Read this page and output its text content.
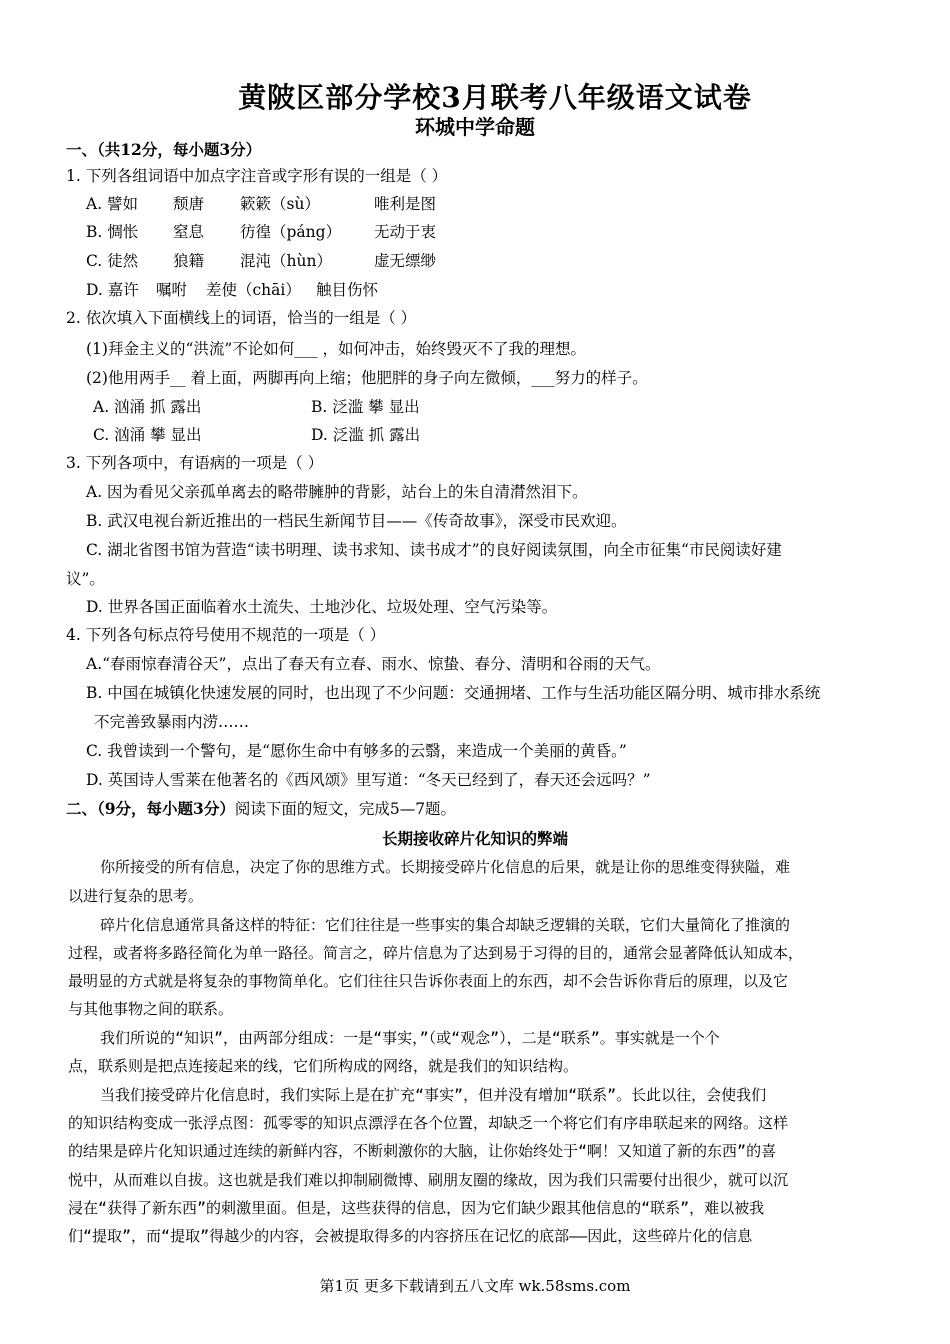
黄陂区部分学校3月联考八年级语文试卷
环城中学命题
一、（共12分，每小题3分）
1. 下列各组词语中加点字注音或字形有误的一组是（ ）
A. 譬如 颓唐 簌簌（sù）	唯利是图
B. 惆怅 窒息 彷徨（páng） 无动于衷
C. 徒然 狼籍 混沌（hùn）	虚无缥缈
D. 嘉许 嘱咐 差使（chāi） 触目伤怀
2. 依次填入下面横线上的词语，恰当的一组是（ ）
(1)拜金主义的“洪流”不论如何___ ，如何冲击，始终毁灭不了我的理想。
(2)他用两手__ 着上面，两脚再向上缩；他肥胖的身子向左微倾，___努力的样子。
A. 汹涌 抓 露出	B. 泛滥 攀 显出
C. 汹涌 攀 显出	D. 泛滥 抓 露出
3. 下列各项中，有语病的一项是（ ）
A. 因为看见父亲孤单离去的略带臃肿的背影，站台上的朱自清潸然泪下。
B. 武汉电视台新近推出的一档民生新闻节目——《传奇故事》，深受市民欢迎。
C. 湖北省图书馆为营造“读书明理、读书求知、读书成才”的良好阅读氛围，向全市征集“市民阅读好建
议”。
D. 世界各国正面临着水土流失、土地沙化、垃圾处理、空气污染等。
4. 下列各句标点符号使用不规范的一项是（ ）
A.“春雨惊春清谷天”，点出了春天有立春、雨水、惊蛰、春分、清明和谷雨的天气。
B. 中国在城镇化快速发展的同时，也出现了不少问题：交通拥堵、工作与生活功能区隔分明、城市排水系统
不完善致暴雨内涝……
C. 我曾读到一个警句，是“愿你生命中有够多的云翳，来造成一个美丽的黄昏。”
D. 英国诗人雪莱在他著名的《西风颂》里写道：“冬天已经到了，春天还会远吗？”
二、（9分，每小题3分）阅读下面的短文，完成5—7题。
长期接收碎片化知识的弊端
你所接受的所有信息，决定了你的思维方式。长期接受碎片化信息的后果，就是让你的思维变得狭隘，难
以进行复杂的思考。
碎片化信息通常具备这样的特征：它们往往是一些事实的集合却缺乏逻辑的关联，它们大量简化了推演的
过程，或者将多路径简化为单一路径。简言之，碎片信息为了达到易于习得的目的，通常会显著降低认知成本，
最明显的方式就是将复杂的事物简单化。它们往往只告诉你表面上的东西，却不会告诉你背后的原理，以及它
与其他事物之间的联系。
我们所说的“知识”，由两部分组成：一是“事实，”（或“观念”），二是“联系”。事实就是一个个
点，联系则是把点连接起来的线，它们所构成的网络，就是我们的知识结构。
当我们接受碎片化信息时，我们实际上是在扩充“事实”，但并没有增加“联系”。长此以往，会使我们
的知识结构变成一张浮点图：孤零零的知识点漂浮在各个位置，却缺乏一个将它们有序串联起来的网络。这样
的结果是碎片化知识通过连续的新鲜内容，不断刺激你的大脑，让你始终处于“啊！又知道了新的东西”的喜
悦中，从而难以自拔。这也就是我们难以抑制刷微博、刷朋友圈的缘故，因为我们只需要付出很少，就可以沉
浸在“获得了新东西”的刺激里面。但是，这些获得的信息，因为它们缺少跟其他信息的“联系”，难以被我
们“提取”，而“提取”得越少的内容，会被提取得多的内容挤压在记忆的底部——因此，这些碎片化的信息
第1页 更多下载请到五八文库 wk.58sms.com
